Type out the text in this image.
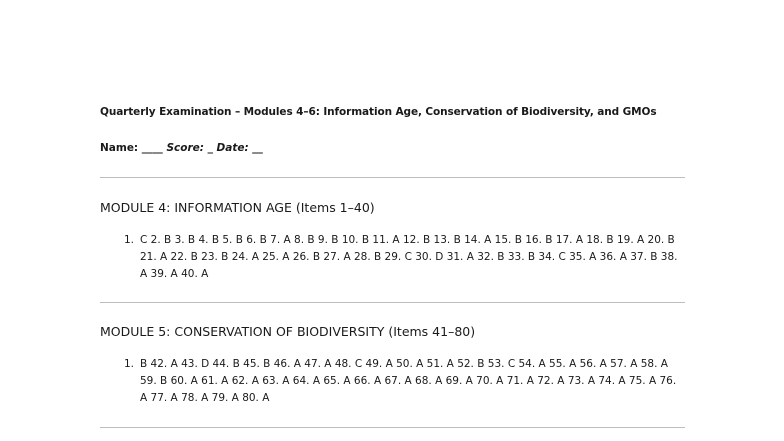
Quarterly Examination – Modules 4–6: Information Age, Conservation of Biodiversity, and GMOs
Name: ____ Score: _ Date: __
MODULE 4: INFORMATION AGE (Items 1–40)
1. C 2. B 3. B 4. B 5. B 6. B 7. A 8. B 9. B 10. B 11. A 12. B 13. B 14. A 15. B 16. B 17. A 18. B 19. A 20. B 21. A 22. B 23. B 24. A 25. A 26. B 27. A 28. B 29. C 30. D 31. A 32. B 33. B 34. C 35. A 36. A 37. B 38. A 39. A 40. A
MODULE 5: CONSERVATION OF BIODIVERSITY (Items 41–80)
1. B 42. A 43. D 44. B 45. B 46. A 47. A 48. C 49. A 50. A 51. A 52. B 53. C 54. A 55. A 56. A 57. A 58. A 59. B 60. A 61. A 62. A 63. A 64. A 65. A 66. A 67. A 68. A 69. A 70. A 71. A 72. A 73. A 74. A 75. A 76. A 77. A 78. A 79. A 80. A
